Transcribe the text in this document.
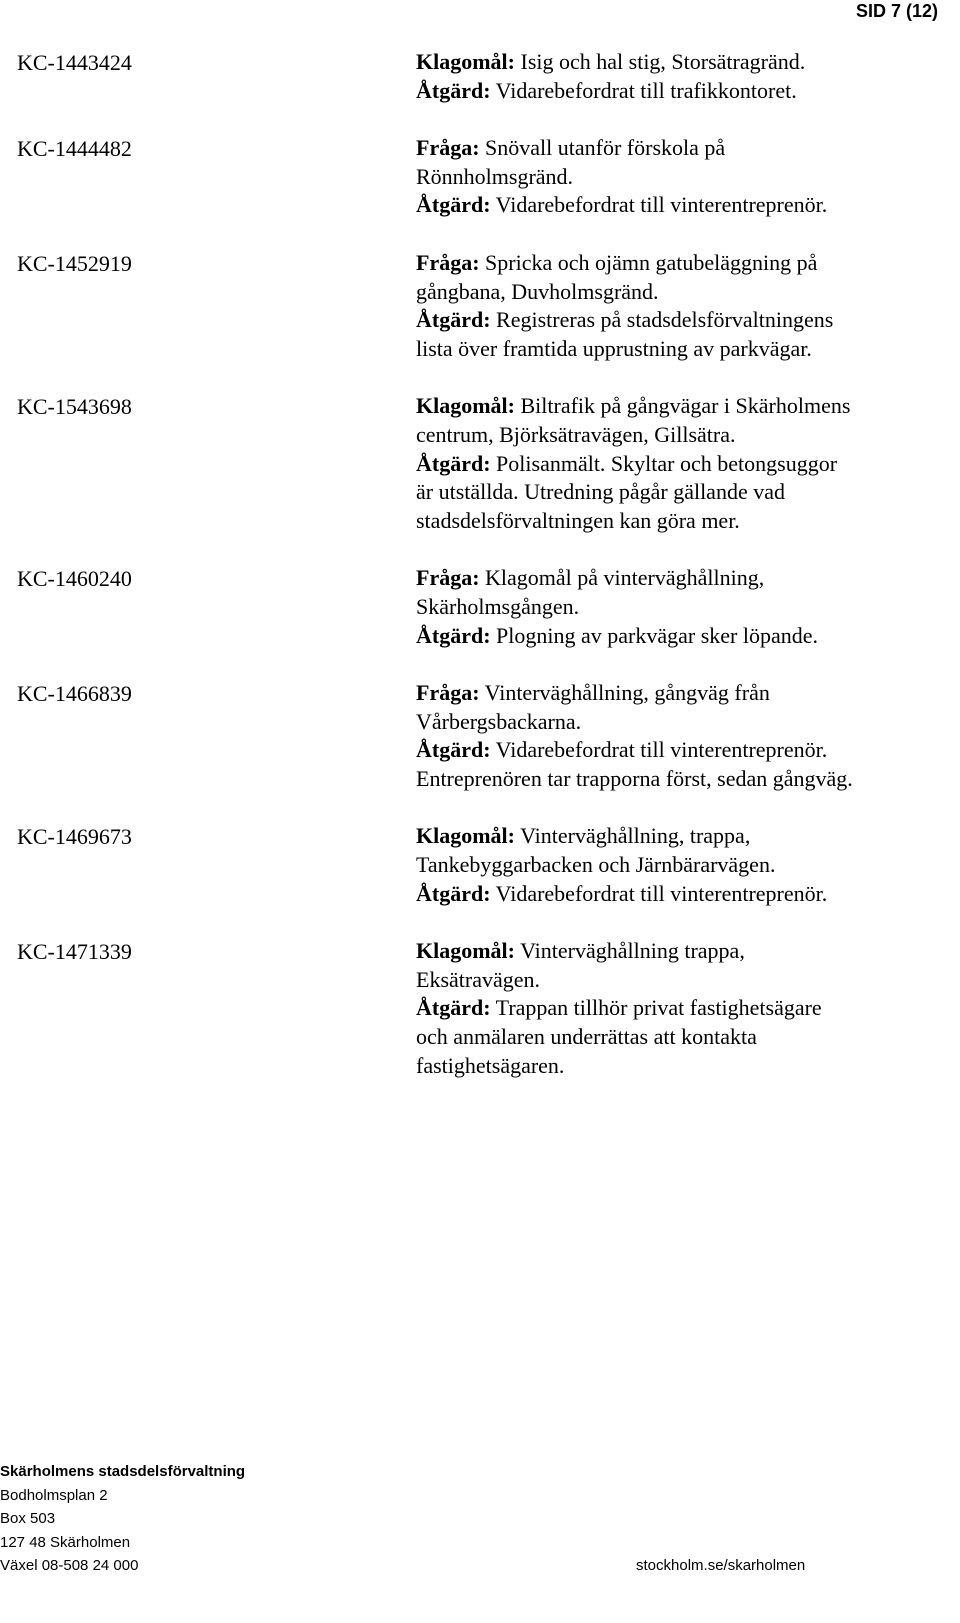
SID 7 (12)
KC-1443424	Klagomål: Isig och hal stig, Storsätragränd.

Åtgärd: Vidarebefordrat till trafikkontoret.

KC-1444482	Fråga: Snövall utanför förskola på Rönnholmsgränd.

Åtgärd: Vidarebefordrat till vinterentreprenör.

KC-1452919	Fråga: Spricka och ojämn gatubeläggning på gångbana, Duvholmsgränd.

Åtgärd: Registreras på stadsdelsförvaltningens lista över framtida upprustning av parkvägar.

KC-1543698	Klagomål: Biltrafik på gångvägar i Skärholmens centrum, Björksätravägen, Gillsätra.

Åtgärd: Polisanmält. Skyltar och betongsuggor är utställda. Utredning pågår gällande vad stadsdelsförvaltningen kan göra mer.

KC-1460240	Fråga: Klagomål på vinterväghållning, Skärholmsgången.

Åtgärd: Plogning av parkvägar sker löpande.

KC-1466839	Fråga: Vinterväghållning, gångväg från Vårbergsbackarna.

Åtgärd: Vidarebefordrat till vinterentreprenör. Entreprenören tar trapporna först, sedan gångväg.

KC-1469673	Klagomål: Vinterväghållning, trappa, Tankebyggarbacken och Järnbärarvägen.

Åtgärd: Vidarebefordrat till vinterentreprenör.

KC-1471339	Klagomål: Vinterväghållning trappa, Eksätravägen.

Åtgärd: Trappan tillhör privat fastighetsägare och anmälaren underrättas att kontakta fastighetsägaren.

Skärholmens stadsdelsförvaltning
Bodholmsplan 2
Box 503
127 48 Skärholmen
Växel 08-508 24 000	stockholm.se/skarholmen
